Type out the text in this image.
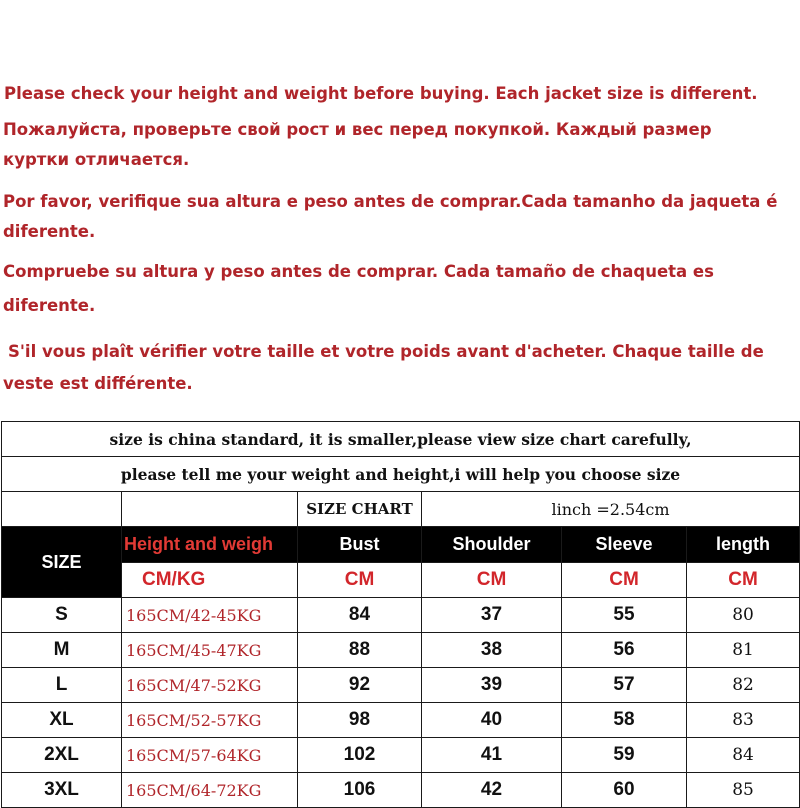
Please check your height and weight before buying. Each jacket size is different.

Пожалуйста, проверьте свой рост и вес перед покупкой. Каждый размер

куртки отличается.

Por favor, verifique sua altura e peso antes de comprar.Cada tamanho da jaqueta é

diferente.

Compruebe su altura y peso antes de comprar. Cada tamaño de chaqueta es

diferente.

S'il vous plaît vérifier votre taille et votre poids avant d'acheter. Chaque taille de

veste est différente.

size is china standard, it is smaller,please view size chart carefully,					
please tell me your weight and height,i will help you choose size					
		SIZE CHART	linch =2.54cm		
SIZE	Height and weigh	Bust	Shoulder	Sleeve	length
	CM/KG	CM	CM	CM	CM
S	165CM/42-45KG	84	37	55	80
M	165CM/45-47KG	88	38	56	81
L	165CM/47-52KG	92	39	57	82
XL	165CM/52-57KG	98	40	58	83
2XL	165CM/57-64KG	102	41	59	84
3XL	165CM/64-72KG	106	42	60	85
